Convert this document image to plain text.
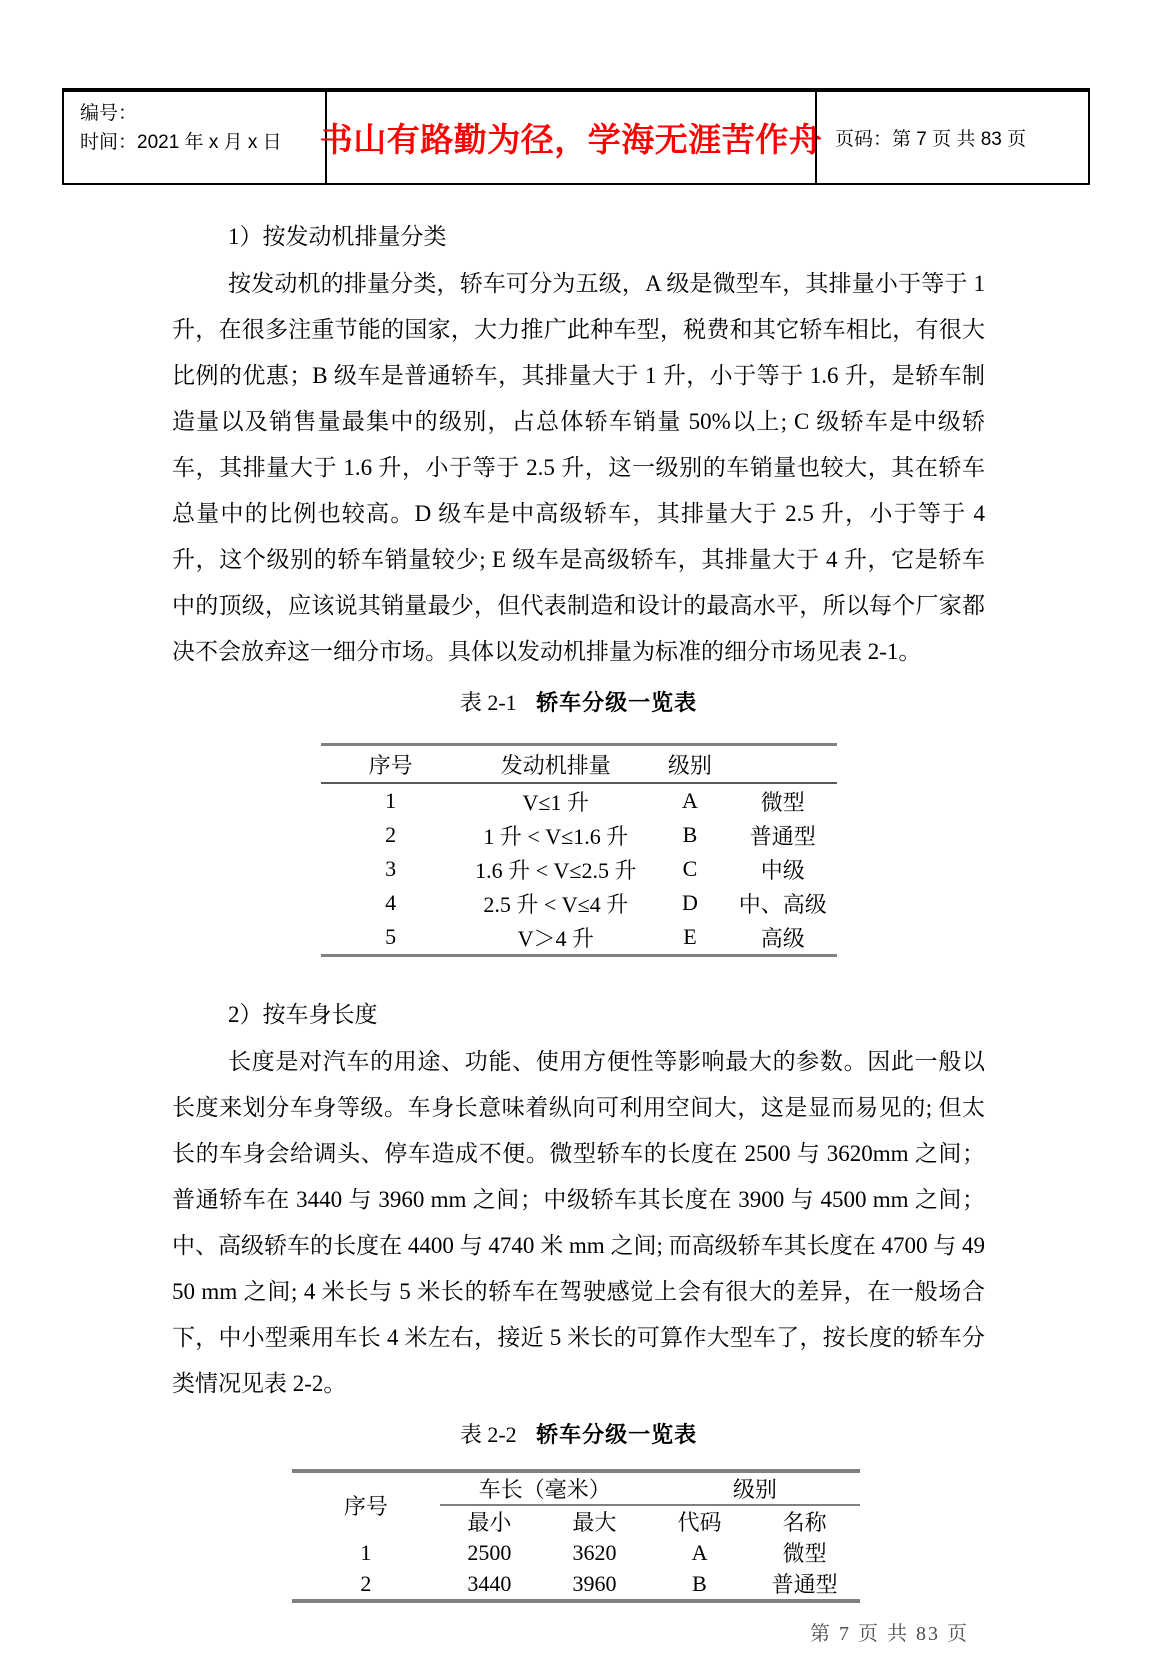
编号：
时间：2021 年 x 月 x 日	书山有路勤为径，学海无涯苦作舟 页码： 第 7 页 共 83 页

1）按发动机排量分类

按发动机的排量分类，轿车可分为五级，A 级是微型车，其排量小于等于 1 升，在很多注重节能的国家，大力推广此种车型，税费和其它轿车相比，有很大比例的优惠；B 级车是普通轿车，其排量大于 1 升，小于等于 1.6 升，是轿车制造量以及销售量最集中的级别，占总体轿车销量 50%以上; C 级轿车是中级轿车，其排量大于 1.6 升，小于等于 2.5 升，这一级别的车销量也较大，其在轿车总量中的比例也较高。D 级车是中高级轿车，其排量大于 2.5 升，小于等于 4 升，这个级别的轿车销量较少; E 级车是高级轿车，其排量大于 4 升，它是轿车中的顶级，应该说其销量最少，但代表制造和设计的最高水平，所以每个厂家都决不会放弃这一细分市场。具体以发动机排量为标准的细分市场见表 2-1。

表 2-1 轿车分级一览表
序号	发动机排量	级别	
1	V≤1 升	A	微型
2	1 升 < V≤1.6 升	B	普通型
3	1.6 升 < V≤2.5 升	C	中级
4	2.5 升 < V≤4 升	D	中、高级
5	V＞4 升	E	高级

2）按车身长度

长度是对汽车的用途、功能、使用方便性等影响最大的参数。因此一般以长度来划分车身等级。车身长意味着纵向可利用空间大，这是显而易见的; 但太长的车身会给调头、停车造成不便。微型轿车的长度在 2500 与 3620mm 之间；普通轿车在 3440 与 3960 mm 之间；中级轿车其长度在 3900 与 4500 mm 之间；中、高级轿车的长度在 4400 与 4740 米 mm 之间; 而高级轿车其长度在 4700 与 4950 mm 之间; 4 米长与 5 米长的轿车在驾驶感觉上会有很大的差异，在一般场合下，中小型乘用车长 4 米左右，接近 5 米长的可算作大型车了，按长度的轿车分类情况见表 2-2。

表 2-2 轿车分级一览表
序号	车长（毫米）		级别	
	最小	最大	代码	名称
1	2500	3620	A	微型
2	3440	3960	B	普通型
第 7 页 共 83 页
